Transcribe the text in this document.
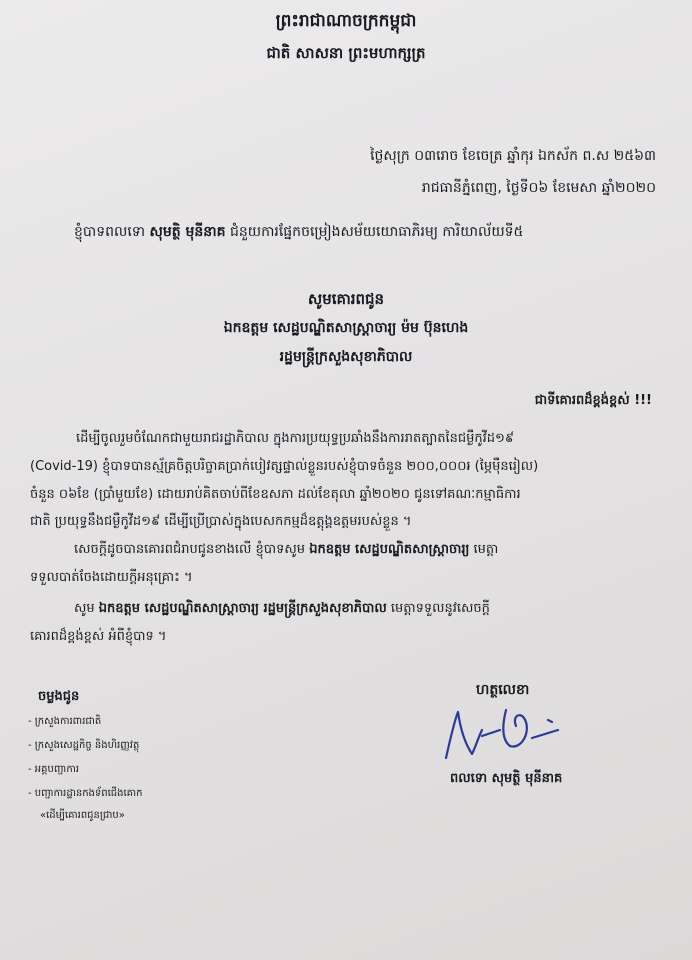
ព្រះរាជាណាចក្រកម្ពុជា
ជាតិ សាសនា ព្រះមហាក្សត្រ
ថ្ងៃសុក្រ ០៣រោច ខែចេត្រ ឆ្នាំកុរ ឯកស័ក ព.ស ២៥៦៣
រាជធានីភ្នំពេញ, ថ្ងៃទី០៦ ខែមេសា ឆ្នាំ២០២០
ខ្ញុំបាទពលទោ សុមត្ថិ មុនីនាគ ជំនួយការផ្នែកចម្រៀងសម័យយោធាភិរម្យ ការិយាល័យទី៥
សូមគោរពជូន
ឯកឧត្តម សេដ្ឋបណ្ឌិតសាស្ត្រាចារ្យ ម៉ម ប៊ុនហេង
រដ្ឋមន្ត្រីក្រសួងសុខាភិបាល
ជាទីគោរពដ៏ខ្ពង់ខ្ពស់ !!!
ដើម្បីចូលរួមចំណែកជាមួយរាជរដ្ឋាភិបាល ក្នុងការប្រយុទ្ធប្រឆាំងនឹងការរាតត្បាតនៃជម្ងឺកូវីដ១៩
(Covid-19) ខ្ញុំបាទបានស្ម័គ្រចិត្តបរិច្ចាគប្រាក់បៀវត្សផ្ទាល់ខ្លួនរបស់ខ្ញុំបាទចំនួន ២០០,០០០៛ (ម្ភៃម៉ឺនរៀល)
ចំនួន ០៦ខែ (ប្រាំមួយខែ) ដោយរាប់គិតចាប់ពីខែឧសភា ដល់ខែតុលា ឆ្នាំ២០២០ ជូនទៅគណៈកម្មាធិការ
ជាតិ ប្រយុទ្ធនឹងជម្ងឺកូវីដ១៩ ដើម្បីប្រើប្រាស់ក្នុងបេសកកម្មដ៏ឧត្តុង្គឧត្តមរបស់ខ្លួន ។
សេចក្ដីដូចបានគោរពជំរាបជូនខាងលើ ខ្ញុំបាទសូម ឯកឧត្តម សេដ្ឋបណ្ឌិតសាស្ត្រាចារ្យ មេត្តា
ទទួលបាត់ចែងដោយក្ដីអនុគ្រោះ ។
សូម ឯកឧត្តម សេដ្ឋបណ្ឌិតសាស្ត្រាចារ្យ រដ្ឋមន្ត្រីក្រសួងសុខាភិបាល មេត្តាទទួលនូវសេចក្ដី
គោរពដ៏ខ្ពង់ខ្ពស់ អំពីខ្ញុំបាទ ។
ហត្ថលេខា
ពលទោ សុមត្ថិ មុនីនាគ
ចម្លងជូន
- ក្រសួងការពារជាតិ
- ក្រសួងសេដ្ឋកិច្ច និងហិរញ្ញវត្ថុ
- អគ្គបញ្ជាការ
- បញ្ជាការដ្ឋានកងទ័ពជើងគោក
«ដើម្បីគោរពជូនជ្រាប»
